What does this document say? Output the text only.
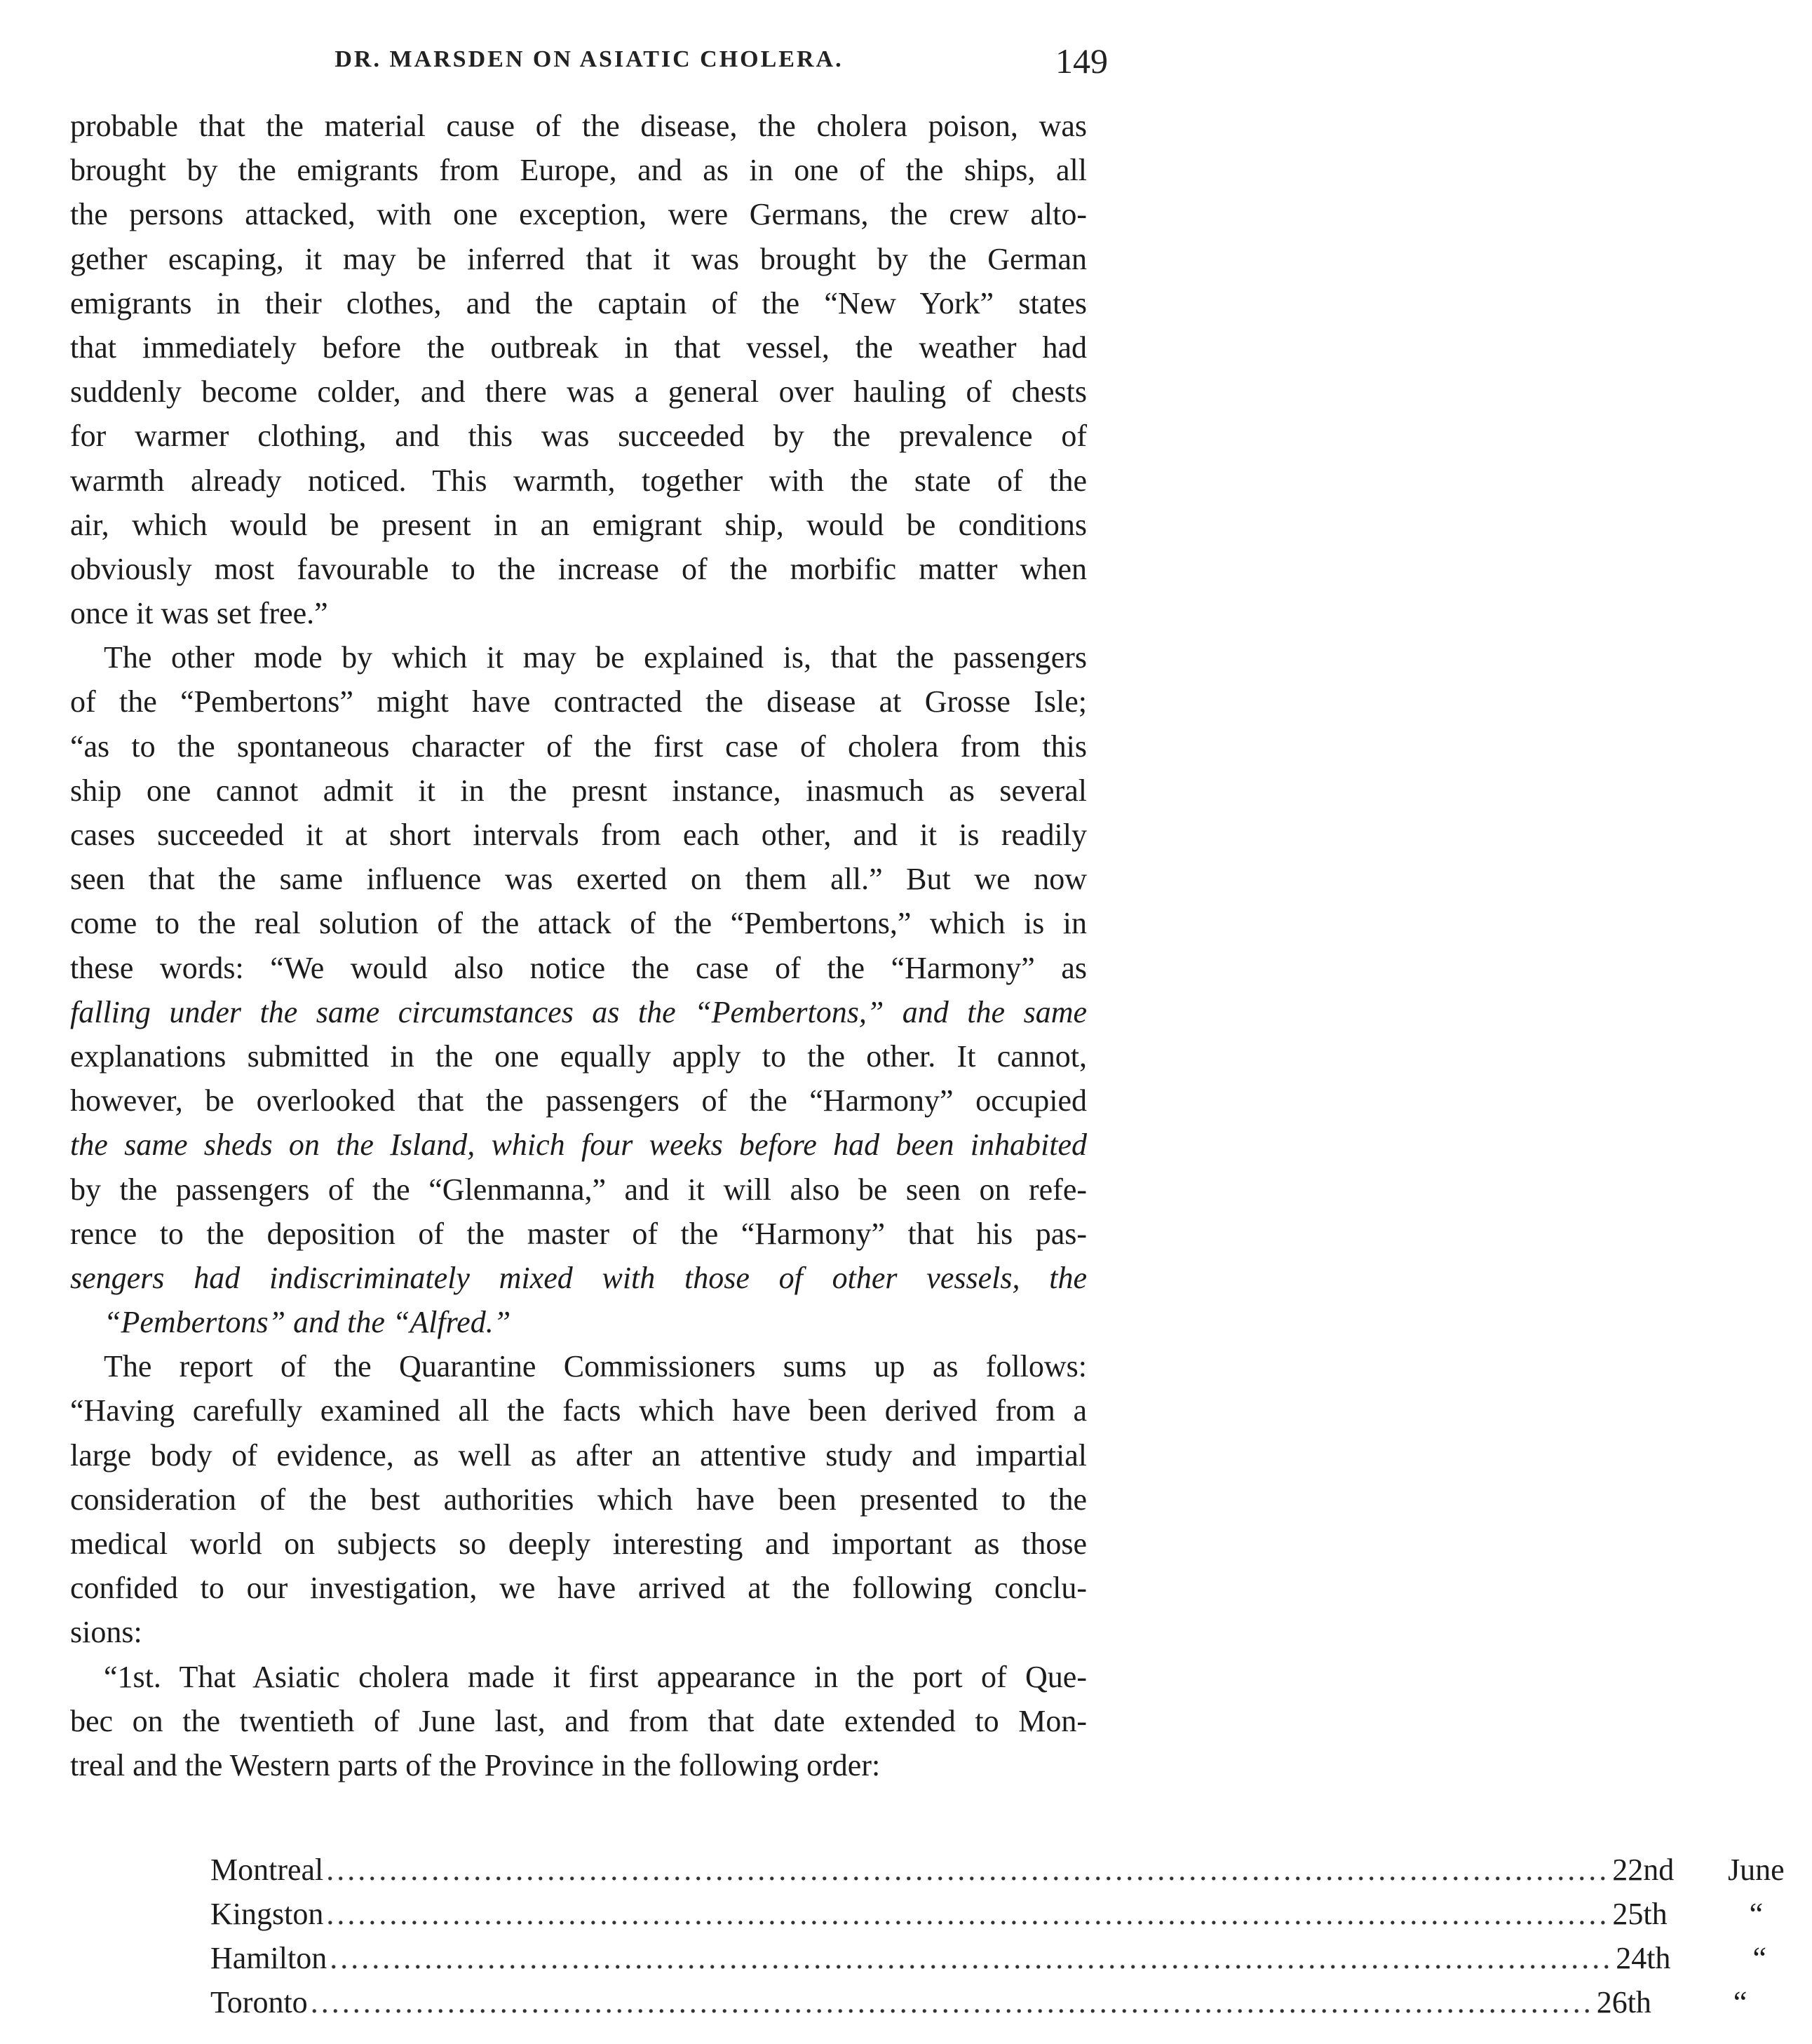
DR. MARSDEN ON ASIATIC CHOLERA.	149
probable that the material cause of the disease, the cholera poison, was
brought by the emigrants from Europe, and as in one of the ships, all
the persons attacked, with one exception, were Germans, the crew alto-
gether escaping, it may be inferred that it was brought by the German
emigrants in their clothes, and the captain of the “New York” states
that immediately before the outbreak in that vessel, the weather had
suddenly become colder, and there was a general over hauling of chests
for warmer clothing, and this was succeeded by the prevalence of
warmth already noticed. This warmth, together with the state of the
air, which would be present in an emigrant ship, would be conditions
obviously most favourable to the increase of the morbific matter when
once it was set free.”
The other mode by which it may be explained is, that the passengers
of the “Pembertons” might have contracted the disease at Grosse Isle;
“as to the spontaneous character of the first case of cholera from this
ship one cannot admit it in the presnt instance, inasmuch as several
cases succeeded it at short intervals from each other, and it is readily
seen that the same influence was exerted on them all.” But we now
come to the real solution of the attack of the “Pembertons,” which is in
these words: “We would also notice the case of the “Harmony” as
falling under the same circumstances as the “Pembertons,” and the same
explanations submitted in the one equally apply to the other. It cannot,
however, be overlooked that the passengers of the “Harmony” occupied
the same sheds on the Island, which four weeks before had been inhabited
by the passengers of the “Glenmanna,” and it will also be seen on refe-
rence to the deposition of the master of the “Harmony” that his pas-
sengers had indiscriminately mixed with those of other vessels, the
“Pembertons” and the “Alfred.”
The report of the Quarantine Commissioners sums up as follows:
“Having carefully examined all the facts which have been derived from a
large body of evidence, as well as after an attentive study and impartial
consideration of the best authorities which have been presented to the
medical world on subjects so deeply interesting and important as those
confided to our investigation, we have arrived at the following conclu-
sions:
“1st. That Asiatic cholera made it first appearance in the port of Que-
bec on the twentieth of June last, and from that date extended to Mon-
treal and the Western parts of the Province in the following order:
Montreal .......................................................................................................................... 22nd	June
Kingston .......................................................................................................................... 25th	“
Hamilton .......................................................................................................................... 24th	“
Toronto .......................................................................................................................... 26th	“
